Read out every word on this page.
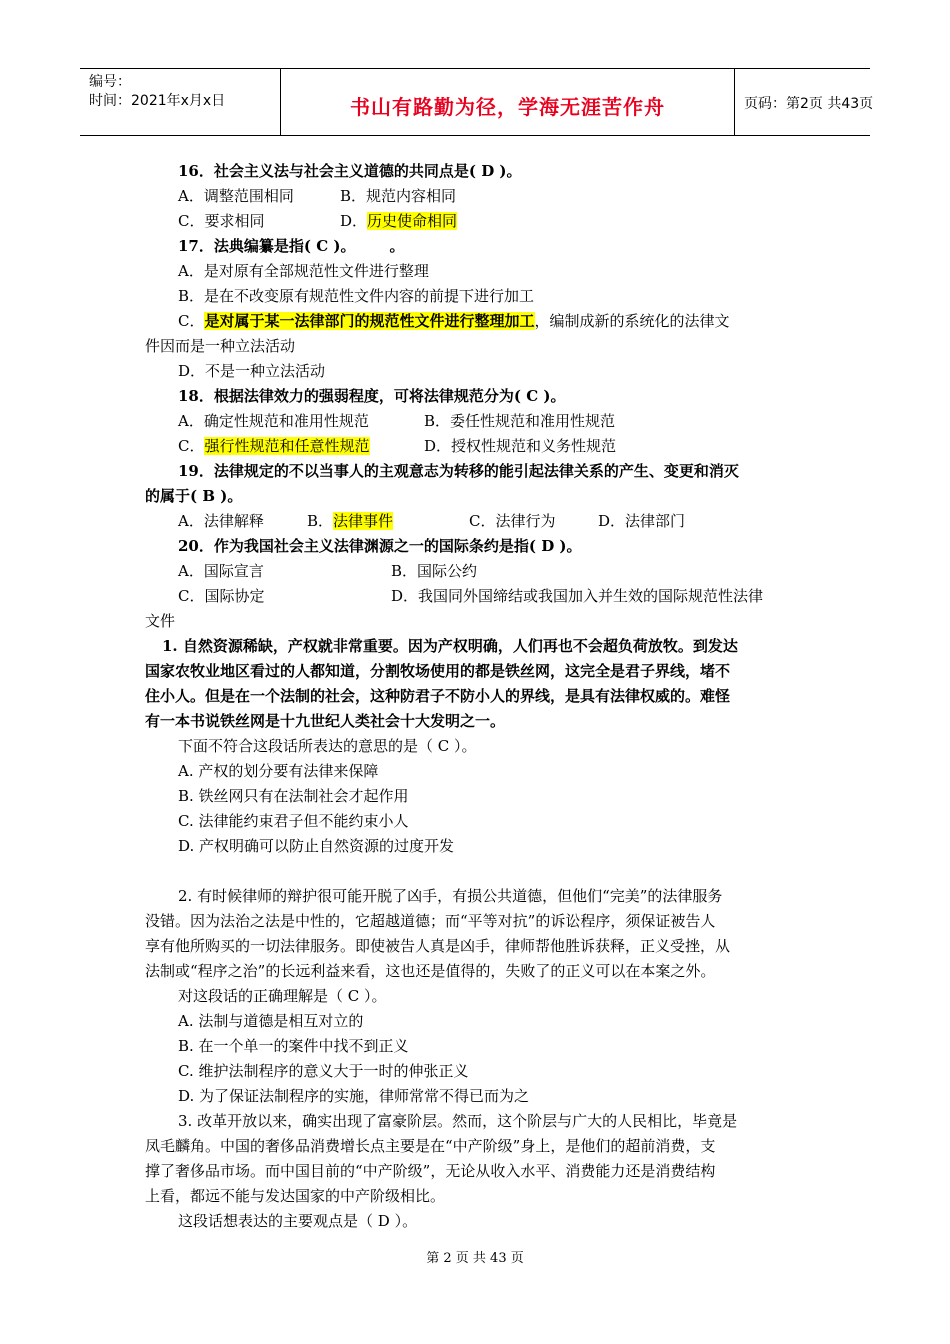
编号：
时间：2021年x月x日	书山有路勤为径，学海无涯苦作舟	页码：第2页 共43页
16．社会主义法与社会主义道德的共同点是( D )。
A．调整范围相同	B．规范内容相同
C．要求相同	D．历史使命相同
17．法典编纂是指( C )。 。
A．是对原有全部规范性文件进行整理
B．是在不改变原有规范性文件内容的前提下进行加工
C．是对属于某一法律部门的规范性文件进行整理加工，编制成新的系统化的法律文
件因而是一种立法活动
D．不是一种立法活动
18．根据法律效力的强弱程度，可将法律规范分为( C )。
A．确定性规范和准用性规范	B．委任性规范和准用性规范
C．强行性规范和任意性规范	D．授权性规范和义务性规范
19．法律规定的不以当事人的主观意志为转移的能引起法律关系的产生、变更和消灭
的属于( B )。
A．法律解释	B．法律事件	C．法律行为	D．法律部门
20．作为我国社会主义法律渊源之一的国际条约是指( D )。
A．国际宣言	B．国际公约
C．国际协定	D．我国同外国缔结或我国加入并生效的国际规范性法律
文件
1. 自然资源稀缺，产权就非常重要。因为产权明确，人们再也不会超负荷放牧。到发达
国家农牧业地区看过的人都知道，分割牧场使用的都是铁丝网，这完全是君子界线，堵不
住小人。但是在一个法制的社会，这种防君子不防小人的界线，是具有法律权威的。难怪
有一本书说铁丝网是十九世纪人类社会十大发明之一。
下面不符合这段话所表达的意思的是（ C ）。
A. 产权的划分要有法律来保障
B. 铁丝网只有在法制社会才起作用
C. 法律能约束君子但不能约束小人
D. 产权明确可以防止自然资源的过度开发
2. 有时候律师的辩护很可能开脱了凶手，有损公共道德，但他们“完美”的法律服务
没错。因为法治之法是中性的，它超越道德；而“平等对抗”的诉讼程序，须保证被告人
享有他所购买的一切法律服务。即使被告人真是凶手，律师帮他胜诉获释，正义受挫，从
法制或“程序之治”的长远利益来看，这也还是值得的，失败了的正义可以在本案之外。
对这段话的正确理解是（ C ）。
A. 法制与道德是相互对立的
B. 在一个单一的案件中找不到正义
C. 维护法制程序的意义大于一时的伸张正义
D. 为了保证法制程序的实施，律师常常不得已而为之
3. 改革开放以来，确实出现了富豪阶层。然而，这个阶层与广大的人民相比，毕竟是
凤毛麟角。中国的奢侈品消费增长点主要是在“中产阶级”身上，是他们的超前消费，支
撑了奢侈品市场。而中国目前的“中产阶级”，无论从收入水平、消费能力还是消费结构
上看，都远不能与发达国家的中产阶级相比。
这段话想表达的主要观点是（ D ）。
第 2 页 共 43 页
